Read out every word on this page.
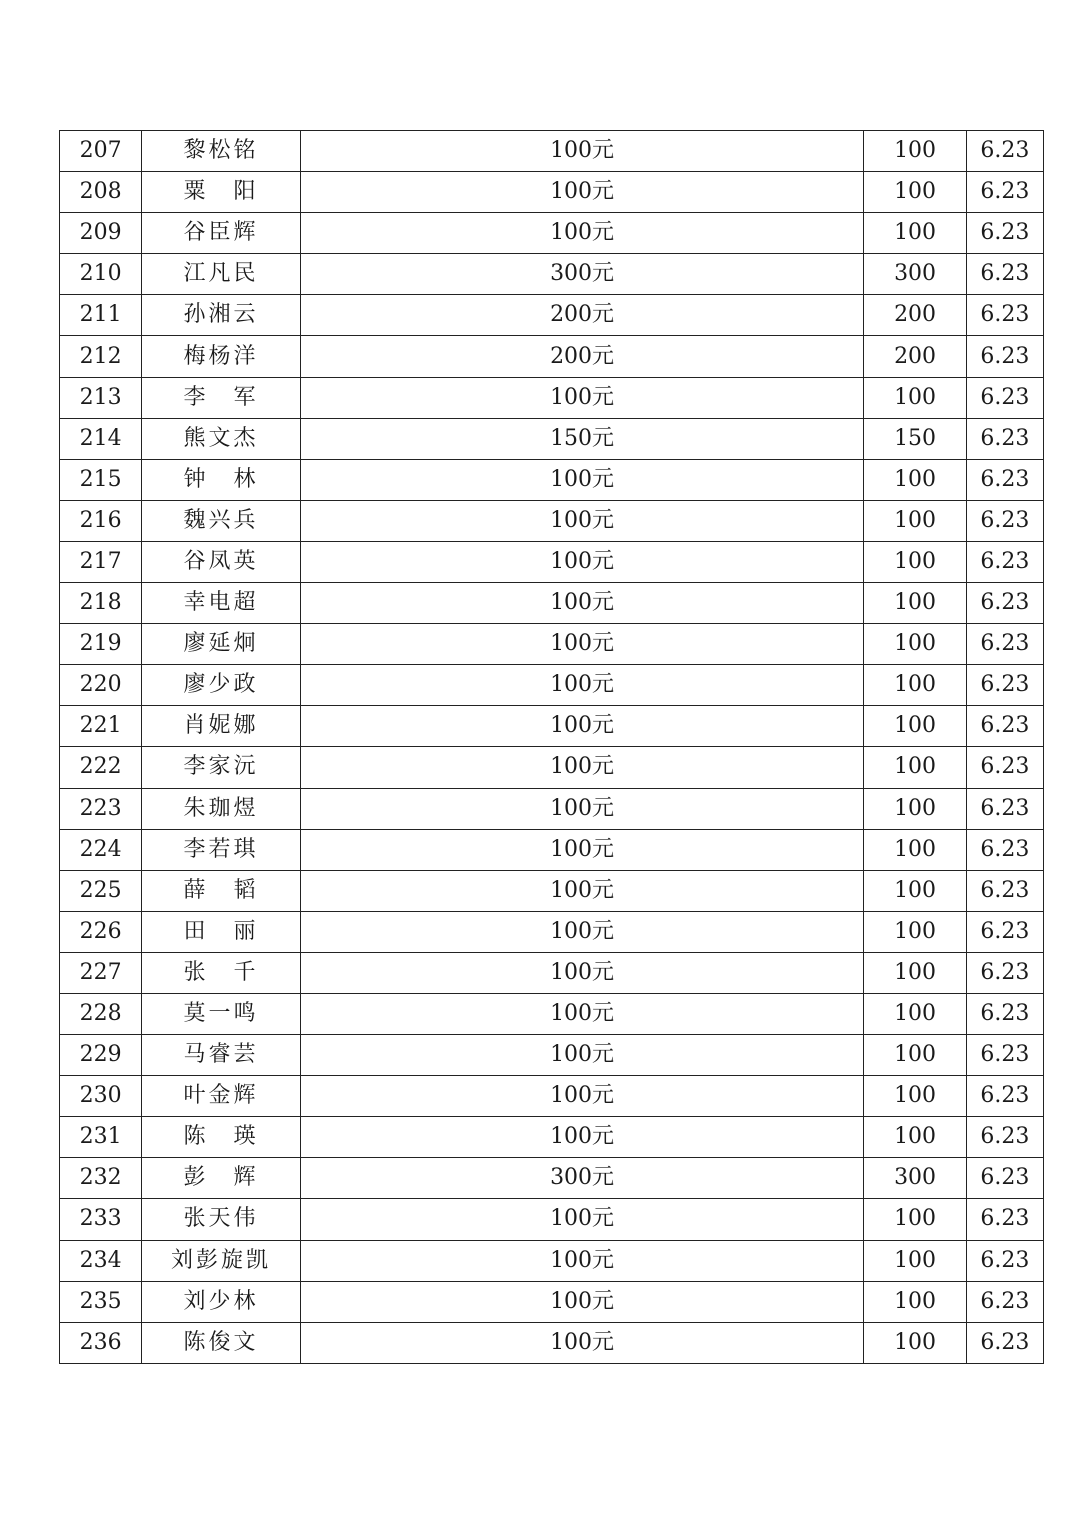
207	黎松铭	100元	100	6.23
208	粟　阳	100元	100	6.23
209	谷臣辉	100元	100	6.23
210	江凡民	300元	300	6.23
211	孙湘云	200元	200	6.23
212	梅杨洋	200元	200	6.23
213	李　军	100元	100	6.23
214	熊文杰	150元	150	6.23
215	钟　林	100元	100	6.23
216	魏兴兵	100元	100	6.23
217	谷凤英	100元	100	6.23
218	幸电超	100元	100	6.23
219	廖延炯	100元	100	6.23
220	廖少政	100元	100	6.23
221	肖妮娜	100元	100	6.23
222	李家沅	100元	100	6.23
223	朱珈煜	100元	100	6.23
224	李若琪	100元	100	6.23
225	薛　韬	100元	100	6.23
226	田　丽	100元	100	6.23
227	张　千	100元	100	6.23
228	莫一鸣	100元	100	6.23
229	马睿芸	100元	100	6.23
230	叶金辉	100元	100	6.23
231	陈　瑛	100元	100	6.23
232	彭　辉	300元	300	6.23
233	张天伟	100元	100	6.23
234	刘彭旋凯	100元	100	6.23
235	刘少林	100元	100	6.23
236	陈俊文	100元	100	6.23
